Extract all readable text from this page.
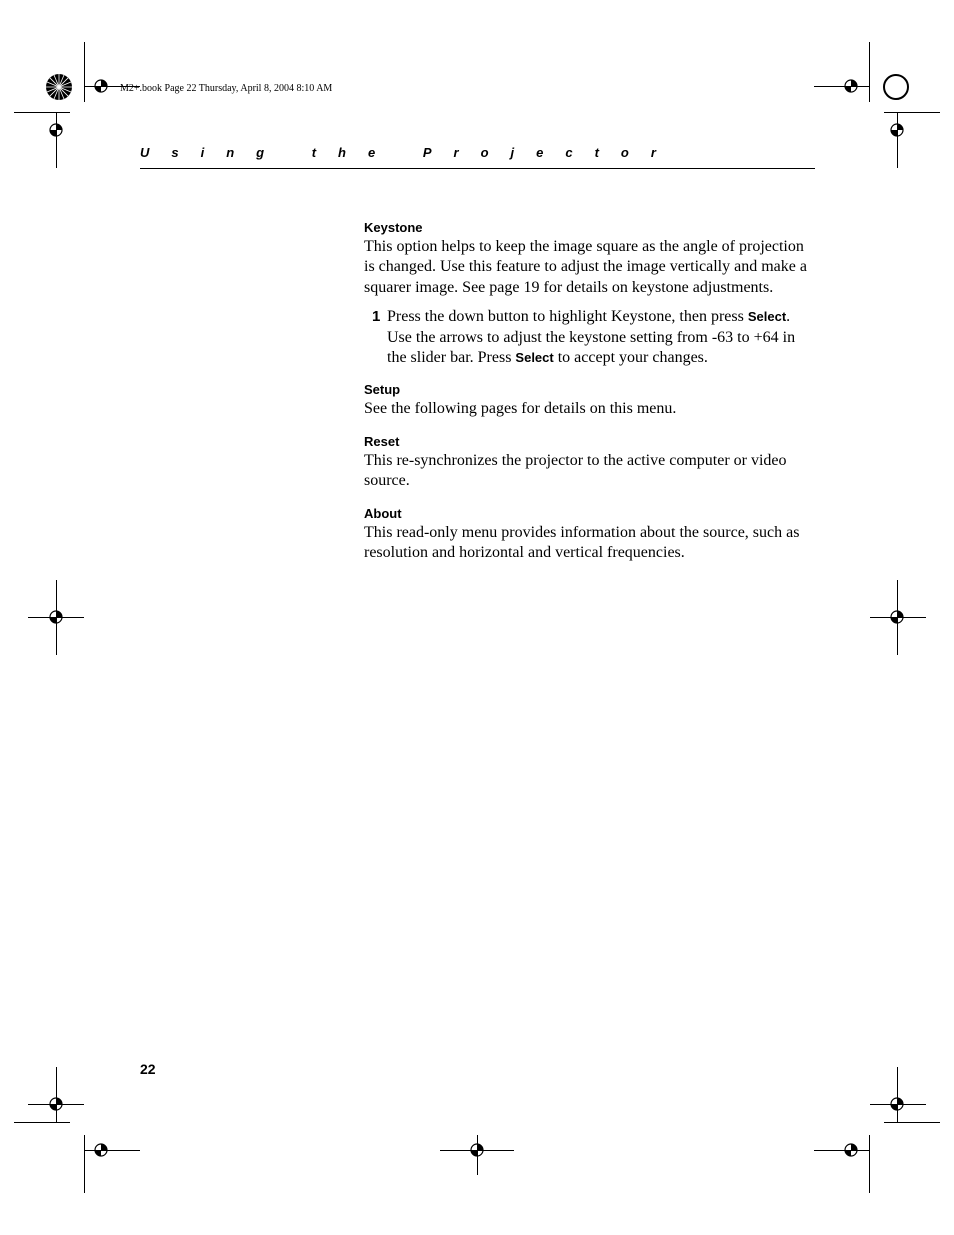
M2+.book Page 22 Thursday, April 8, 2004 8:10 AM
Using the Projector
Keystone

This option helps to keep the image square as the angle of projection is changed. Use this feature to adjust the image vertically and make a squarer image. See page 19 for details on keystone adjustments.

1 Press the down button to highlight Keystone, then press Select. Use the arrows to adjust the keystone setting from -63 to +64 in the slider bar. Press Select to accept your changes.
Setup

See the following pages for details on this menu.

Reset

This re-synchronizes the projector to the active computer or video source.

About

This read-only menu provides information about the source, such as resolution and horizontal and vertical frequencies.

22
